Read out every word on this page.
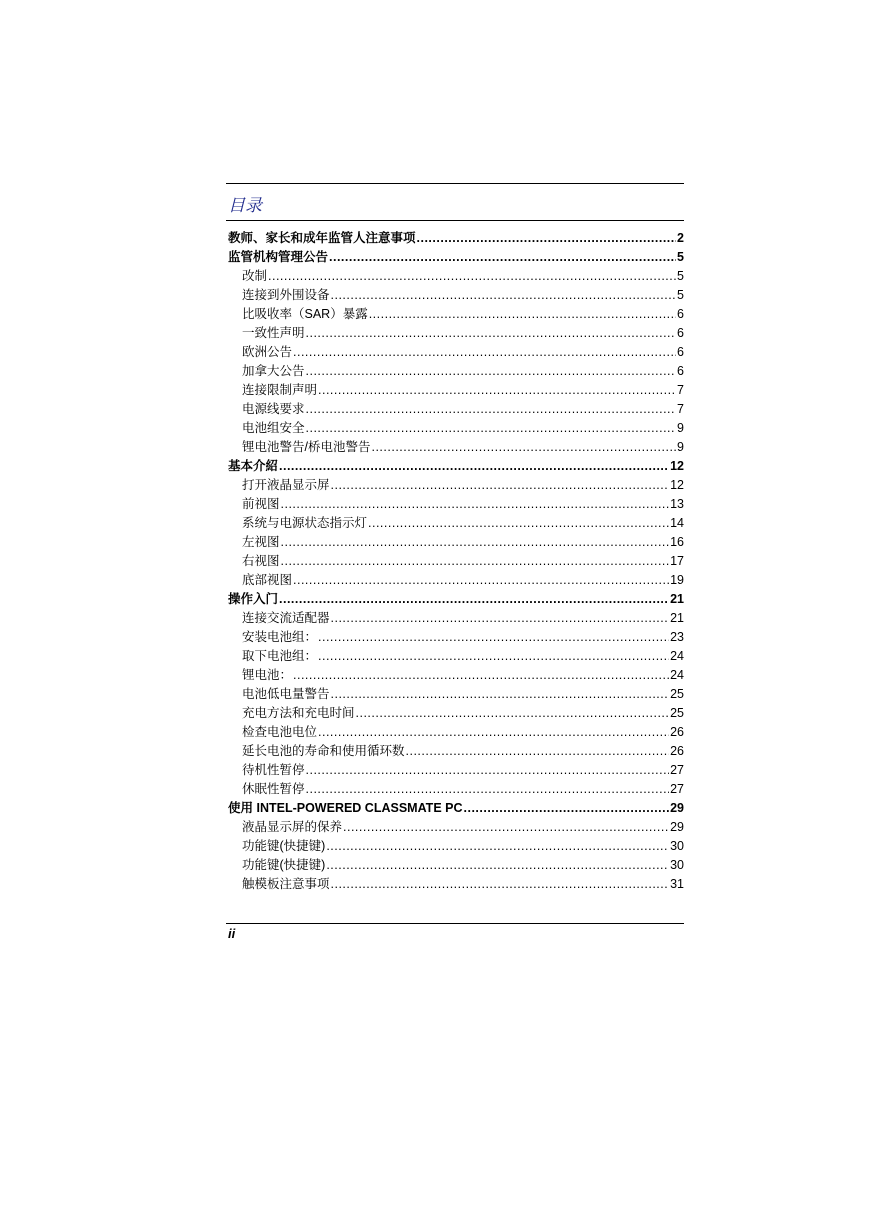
目录
教师、家长和成年监管人注意事项 .....	2
监管机构管理公告 .....	5
改制 .....	5
连接到外围设备 .....	5
比吸收率（SAR）暴露 .....	6
一致性声明 .....	6
欧洲公告 .....	6
加拿大公告 .....	6
连接限制声明 .....	7
电源线要求 .....	7
电池组安全 .....	9
锂电池警告/桥电池警告 .....	9
基本介紹 .....	12
打开液晶显示屏 .....	12
前视图 .....	13
系统与电源状态指示灯 .....	14
左视图 .....	16
右视图 .....	17
底部视图 .....	19
操作入门 .....	21
连接交流适配器 .....	21
安装电池组： .....	23
取下电池组： .....	24
锂电池： .....	24
电池低电量警告 .....	25
充电方法和充电时间 .....	25
检查电池电位 .....	26
延长电池的寿命和使用循环数 .....	26
待机性暂停 .....	27
休眠性暂停 .....	27
使用 INTEL-POWERED CLASSMATE PC .....	29
液晶显示屏的保养 .....	29
功能键(快捷键) .....	30
功能键(快捷键) .....	30
触模板注意事项 .....	31
ii
